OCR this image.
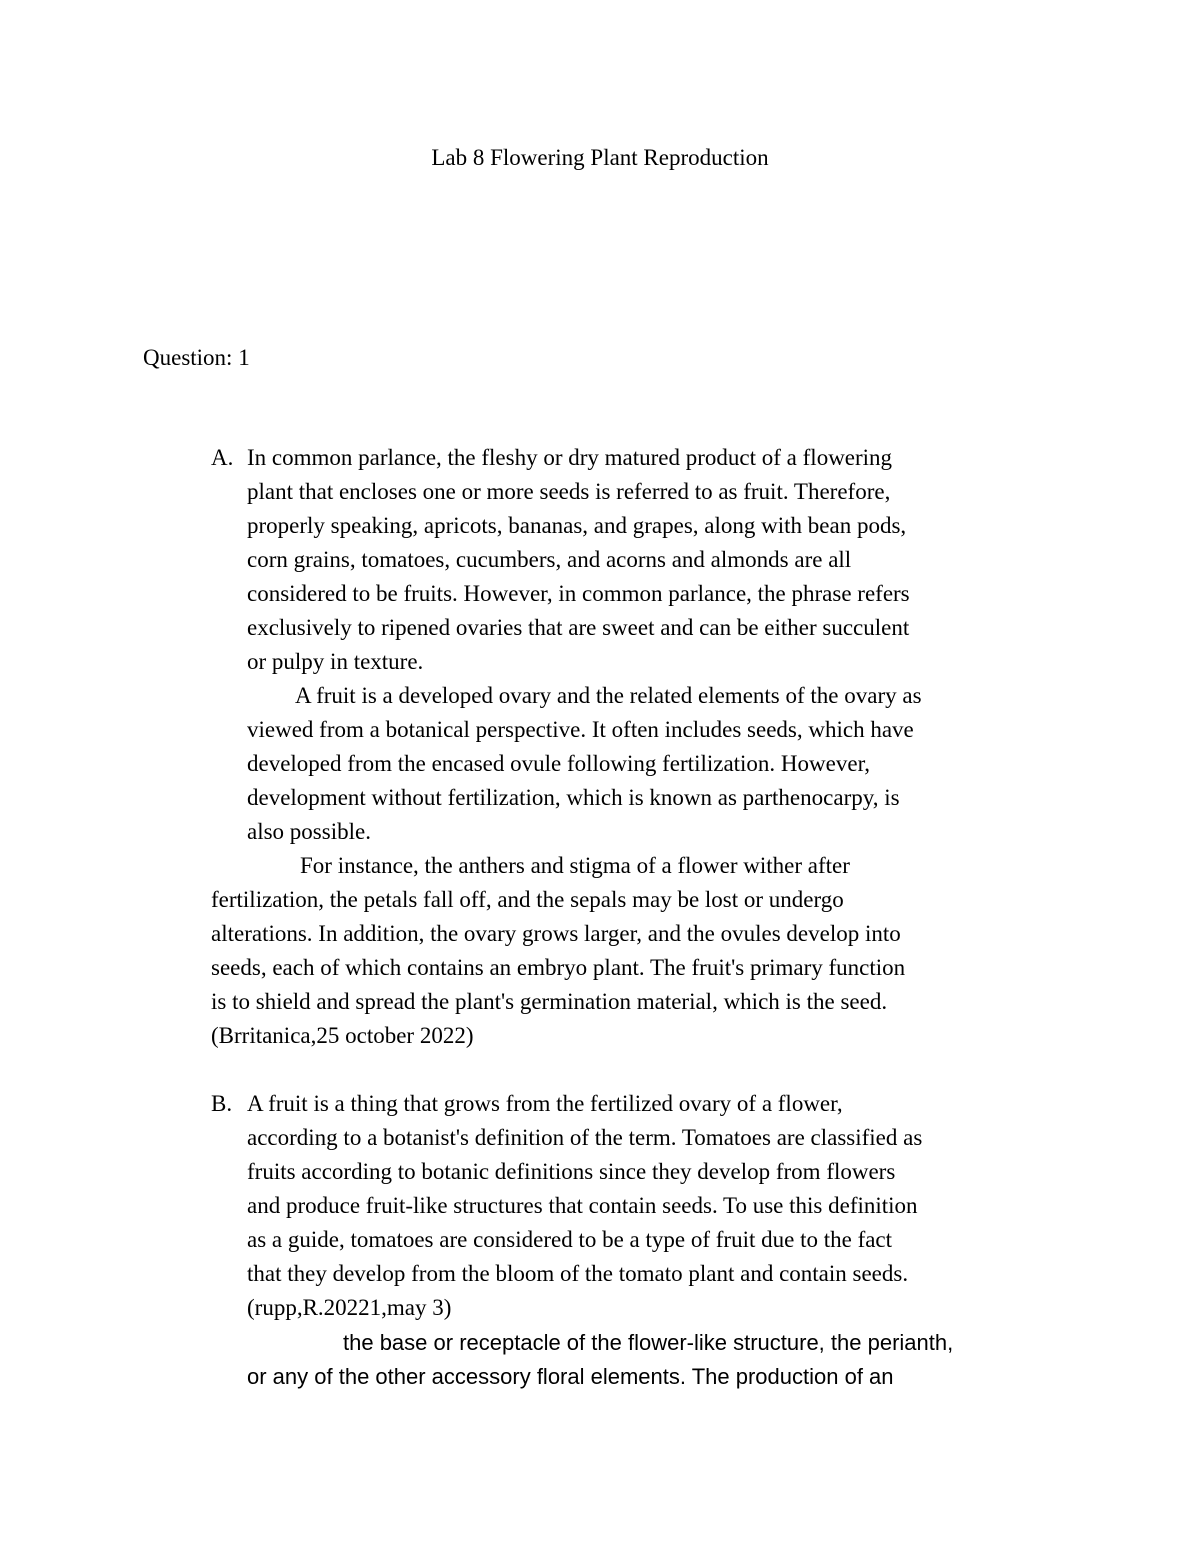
Lab 8 Flowering Plant Reproduction
Question: 1
A. In common parlance, the fleshy or dry matured product of a flowering
plant that encloses one or more seeds is referred to as fruit. Therefore,
properly speaking, apricots, bananas, and grapes, along with bean pods,
corn grains, tomatoes, cucumbers, and acorns and almonds are all
considered to be fruits. However, in common parlance, the phrase refers
exclusively to ripened ovaries that are sweet and can be either succulent
or pulpy in texture.
A fruit is a developed ovary and the related elements of the ovary as
viewed from a botanical perspective. It often includes seeds, which have
developed from the encased ovule following fertilization. However,
development without fertilization, which is known as parthenocarpy, is
also possible.
For instance, the anthers and stigma of a flower wither after
fertilization, the petals fall off, and the sepals may be lost or undergo
alterations. In addition, the ovary grows larger, and the ovules develop into
seeds, each of which contains an embryo plant. The fruit's primary function
is to shield and spread the plant's germination material, which is the seed.
(Brritanica,25 october 2022)
B. A fruit is a thing that grows from the fertilized ovary of a flower,
according to a botanist's definition of the term. Tomatoes are classified as
fruits according to botanic definitions since they develop from flowers
and produce fruit-like structures that contain seeds. To use this definition
as a guide, tomatoes are considered to be a type of fruit due to the fact
that they develop from the bloom of the tomato plant and contain seeds.
(rupp,R.20221,may 3)
the base or receptacle of the flower-like structure, the perianth,
or any of the other accessory floral elements. The production of an
